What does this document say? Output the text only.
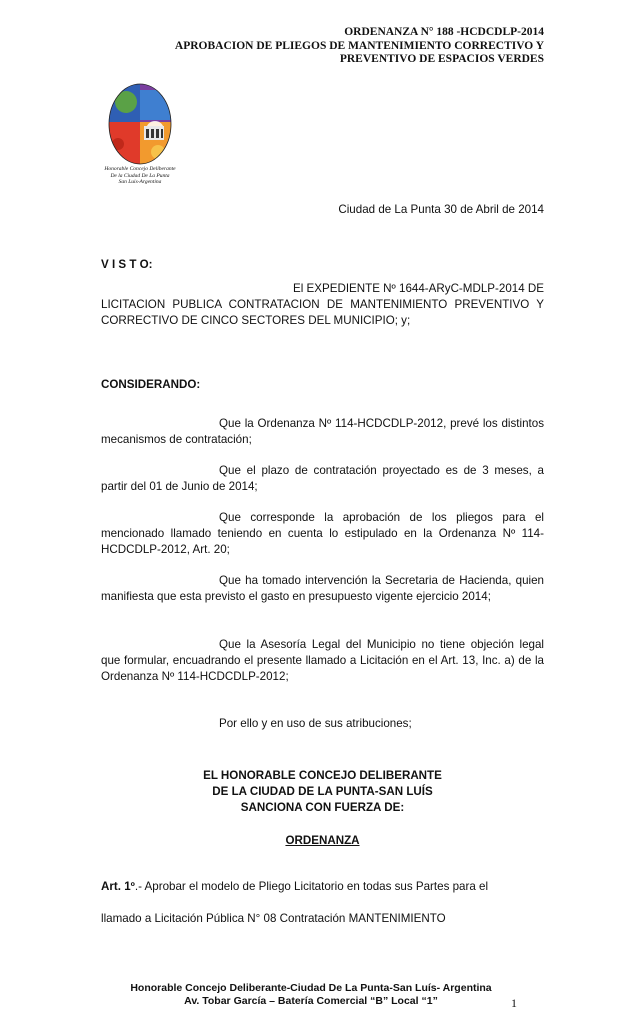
ORDENANZA N° 188 -HCDCDLP-2014
APROBACION DE PLIEGOS DE MANTENIMIENTO CORRECTIVO Y
PREVENTIVO DE ESPACIOS VERDES
Honorable Concejo Deliberante
De la Ciudad De La Punta
San Luis-Argentina
Ciudad de La Punta 30 de Abril de 2014
V I S T O:
El EXPEDIENTE Nº 1644-ARyC-MDLP-2014 DE
LICITACION PUBLICA CONTRATACION DE MANTENIMIENTO PREVENTIVO Y CORRECTIVO DE CINCO SECTORES DEL MUNICIPIO; y;
CONSIDERANDO:
Que la Ordenanza Nº 114-HCDCDLP-2012, prevé los distintos mecanismos de contratación;
Que el plazo de contratación proyectado es de 3 meses, a partir del 01 de Junio de 2014;
Que corresponde la aprobación de los pliegos para el mencionado llamado teniendo en cuenta lo estipulado en la Ordenanza Nº 114-HCDCDLP-2012, Art. 20;
Que ha tomado intervención la Secretaria de Hacienda, quien manifiesta que esta previsto el gasto en presupuesto vigente ejercicio 2014;
Que la Asesoría Legal del Municipio no tiene objeción legal que formular, encuadrando el presente llamado a Licitación en el Art. 13, Inc. a) de la Ordenanza Nº 114-HCDCDLP-2012;
Por ello y en uso de sus atribuciones;
EL HONORABLE CONCEJO DELIBERANTE
DE LA CIUDAD DE LA PUNTA-SAN LUÍS
SANCIONA CON FUERZA DE:
ORDENANZA
Art. 1º.- Aprobar el modelo de Pliego Licitatorio en todas sus Partes para el
llamado a Licitación Pública N° 08 Contratación MANTENIMIENTO
Honorable Concejo Deliberante-Ciudad De La Punta-San Luís- Argentina
Av. Tobar García – Batería Comercial “B” Local “1”	1
